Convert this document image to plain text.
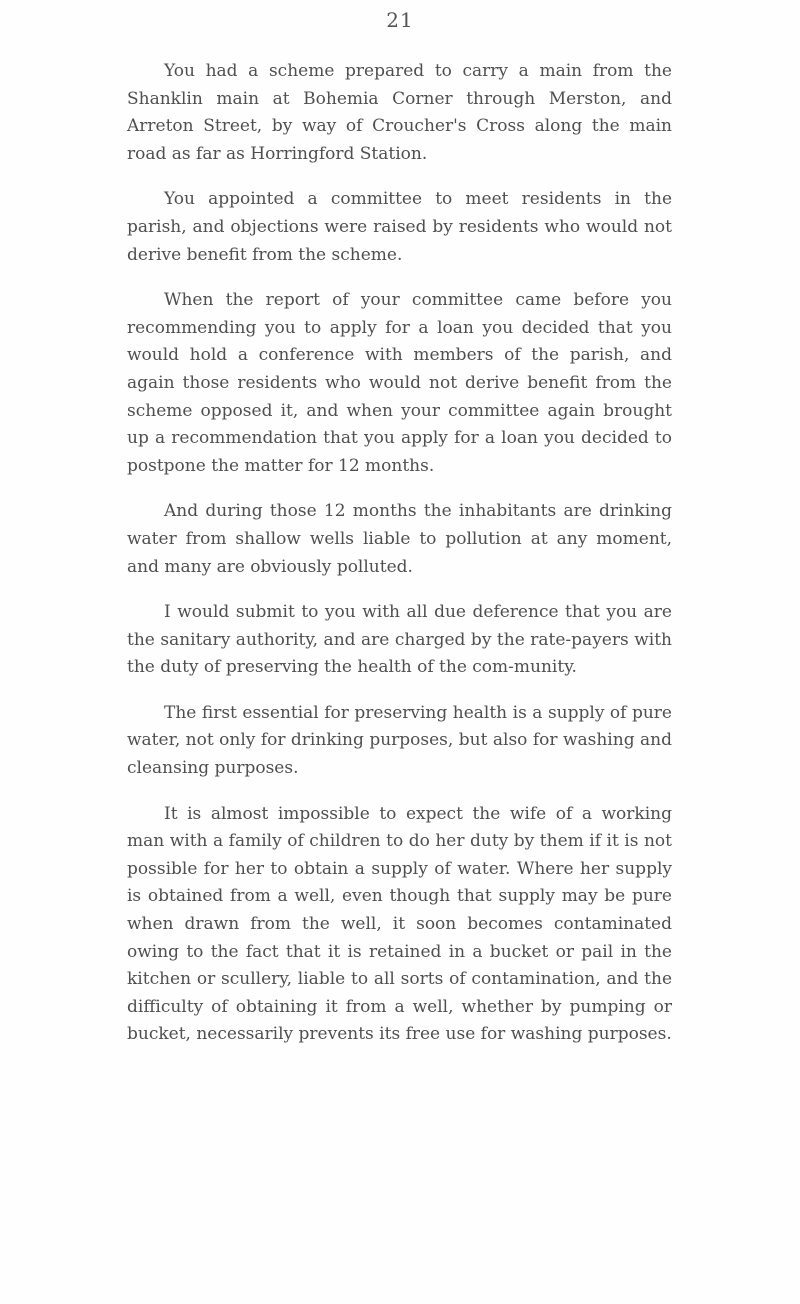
21

You had a scheme prepared to carry a main from the Shanklin main at Bohemia Corner through Merston, and Arreton Street, by way of Croucher's Cross along the main road as far as Horringford Station.

You appointed a committee to meet residents in the parish, and objections were raised by residents who would not derive benefit from the scheme.

When the report of your committee came before you recommending you to apply for a loan you decided that you would hold a conference with members of the parish, and again those residents who would not derive benefit from the scheme opposed it, and when your committee again brought up a recommendation that you apply for a loan you decided to postpone the matter for 12 months.

And during those 12 months the inhabitants are drinking water from shallow wells liable to pollution at any moment, and many are obviously polluted.

I would submit to you with all due deference that you are the sanitary authority, and are charged by the rate-payers with the duty of preserving the health of the com-munity.

The first essential for preserving health is a supply of pure water, not only for drinking purposes, but also for washing and cleansing purposes.

It is almost impossible to expect the wife of a working man with a family of children to do her duty by them if it is not possible for her to obtain a supply of water. Where her supply is obtained from a well, even though that supply may be pure when drawn from the well, it soon becomes contaminated owing to the fact that it is retained in a bucket or pail in the kitchen or scullery, liable to all sorts of contamination, and the difficulty of obtaining it from a well, whether by pumping or bucket, necessarily prevents its free use for washing purposes.
